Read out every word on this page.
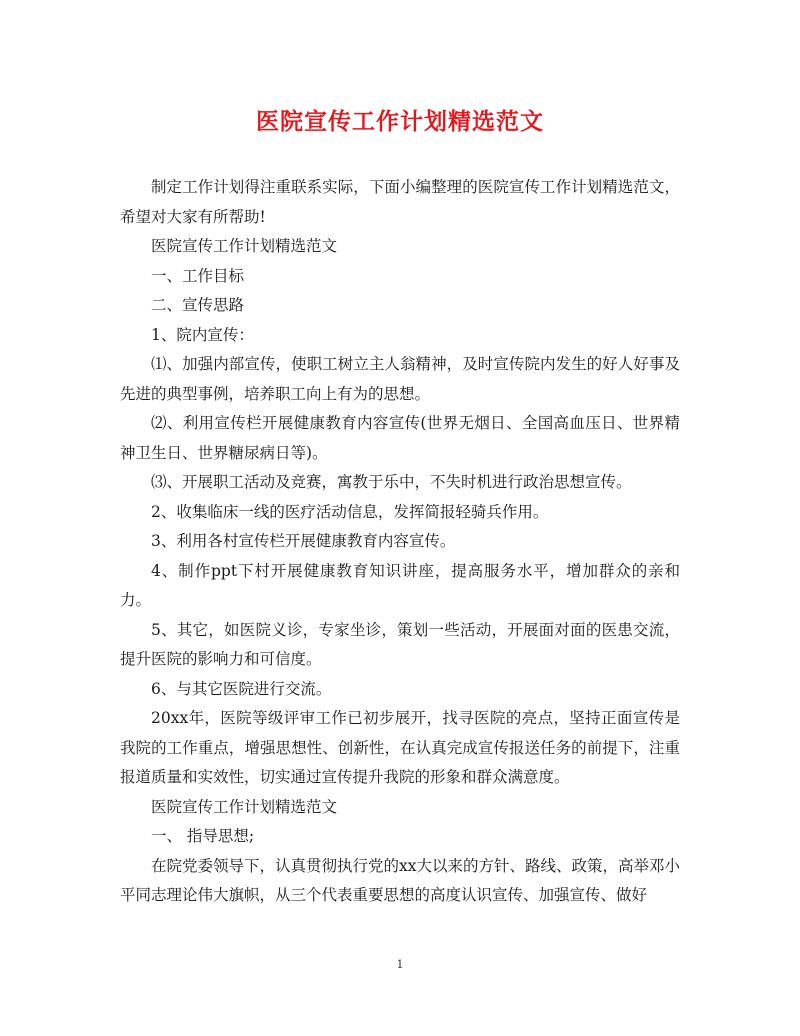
医院宣传工作计划精选范文

制定工作计划得注重联系实际，下面小编整理的医院宣传工作计划精选范文，希望对大家有所帮助!

医院宣传工作计划精选范文

一、工作目标

二、宣传思路

1、院内宣传：

⑴、加强内部宣传，使职工树立主人翁精神，及时宣传院内发生的好人好事及先进的典型事例，培养职工向上有为的思想。

⑵、利用宣传栏开展健康教育内容宣传(世界无烟日、全国高血压日、世界精神卫生日、世界糖尿病日等)。

⑶、开展职工活动及竞赛，寓教于乐中，不失时机进行政治思想宣传。

2、收集临床一线的医疗活动信息，发挥简报轻骑兵作用。

3、利用各村宣传栏开展健康教育内容宣传。

4、制作ppt下村开展健康教育知识讲座，提高服务水平，增加群众的亲和力。

5、其它，如医院义诊，专家坐诊，策划一些活动，开展面对面的医患交流，提升医院的影响力和可信度。

6、与其它医院进行交流。

20xx年，医院等级评审工作已初步展开，找寻医院的亮点，坚持正面宣传是我院的工作重点，增强思想性、创新性，在认真完成宣传报送任务的前提下，注重报道质量和实效性，切实通过宣传提升我院的形象和群众满意度。

医院宣传工作计划精选范文

一、 指导思想;

在院党委领导下，认真贯彻执行党的xx大以来的方针、路线、政策，高举邓小平同志理论伟大旗帜，从三个代表重要思想的高度认识宣传、加强宣传、做好

1
